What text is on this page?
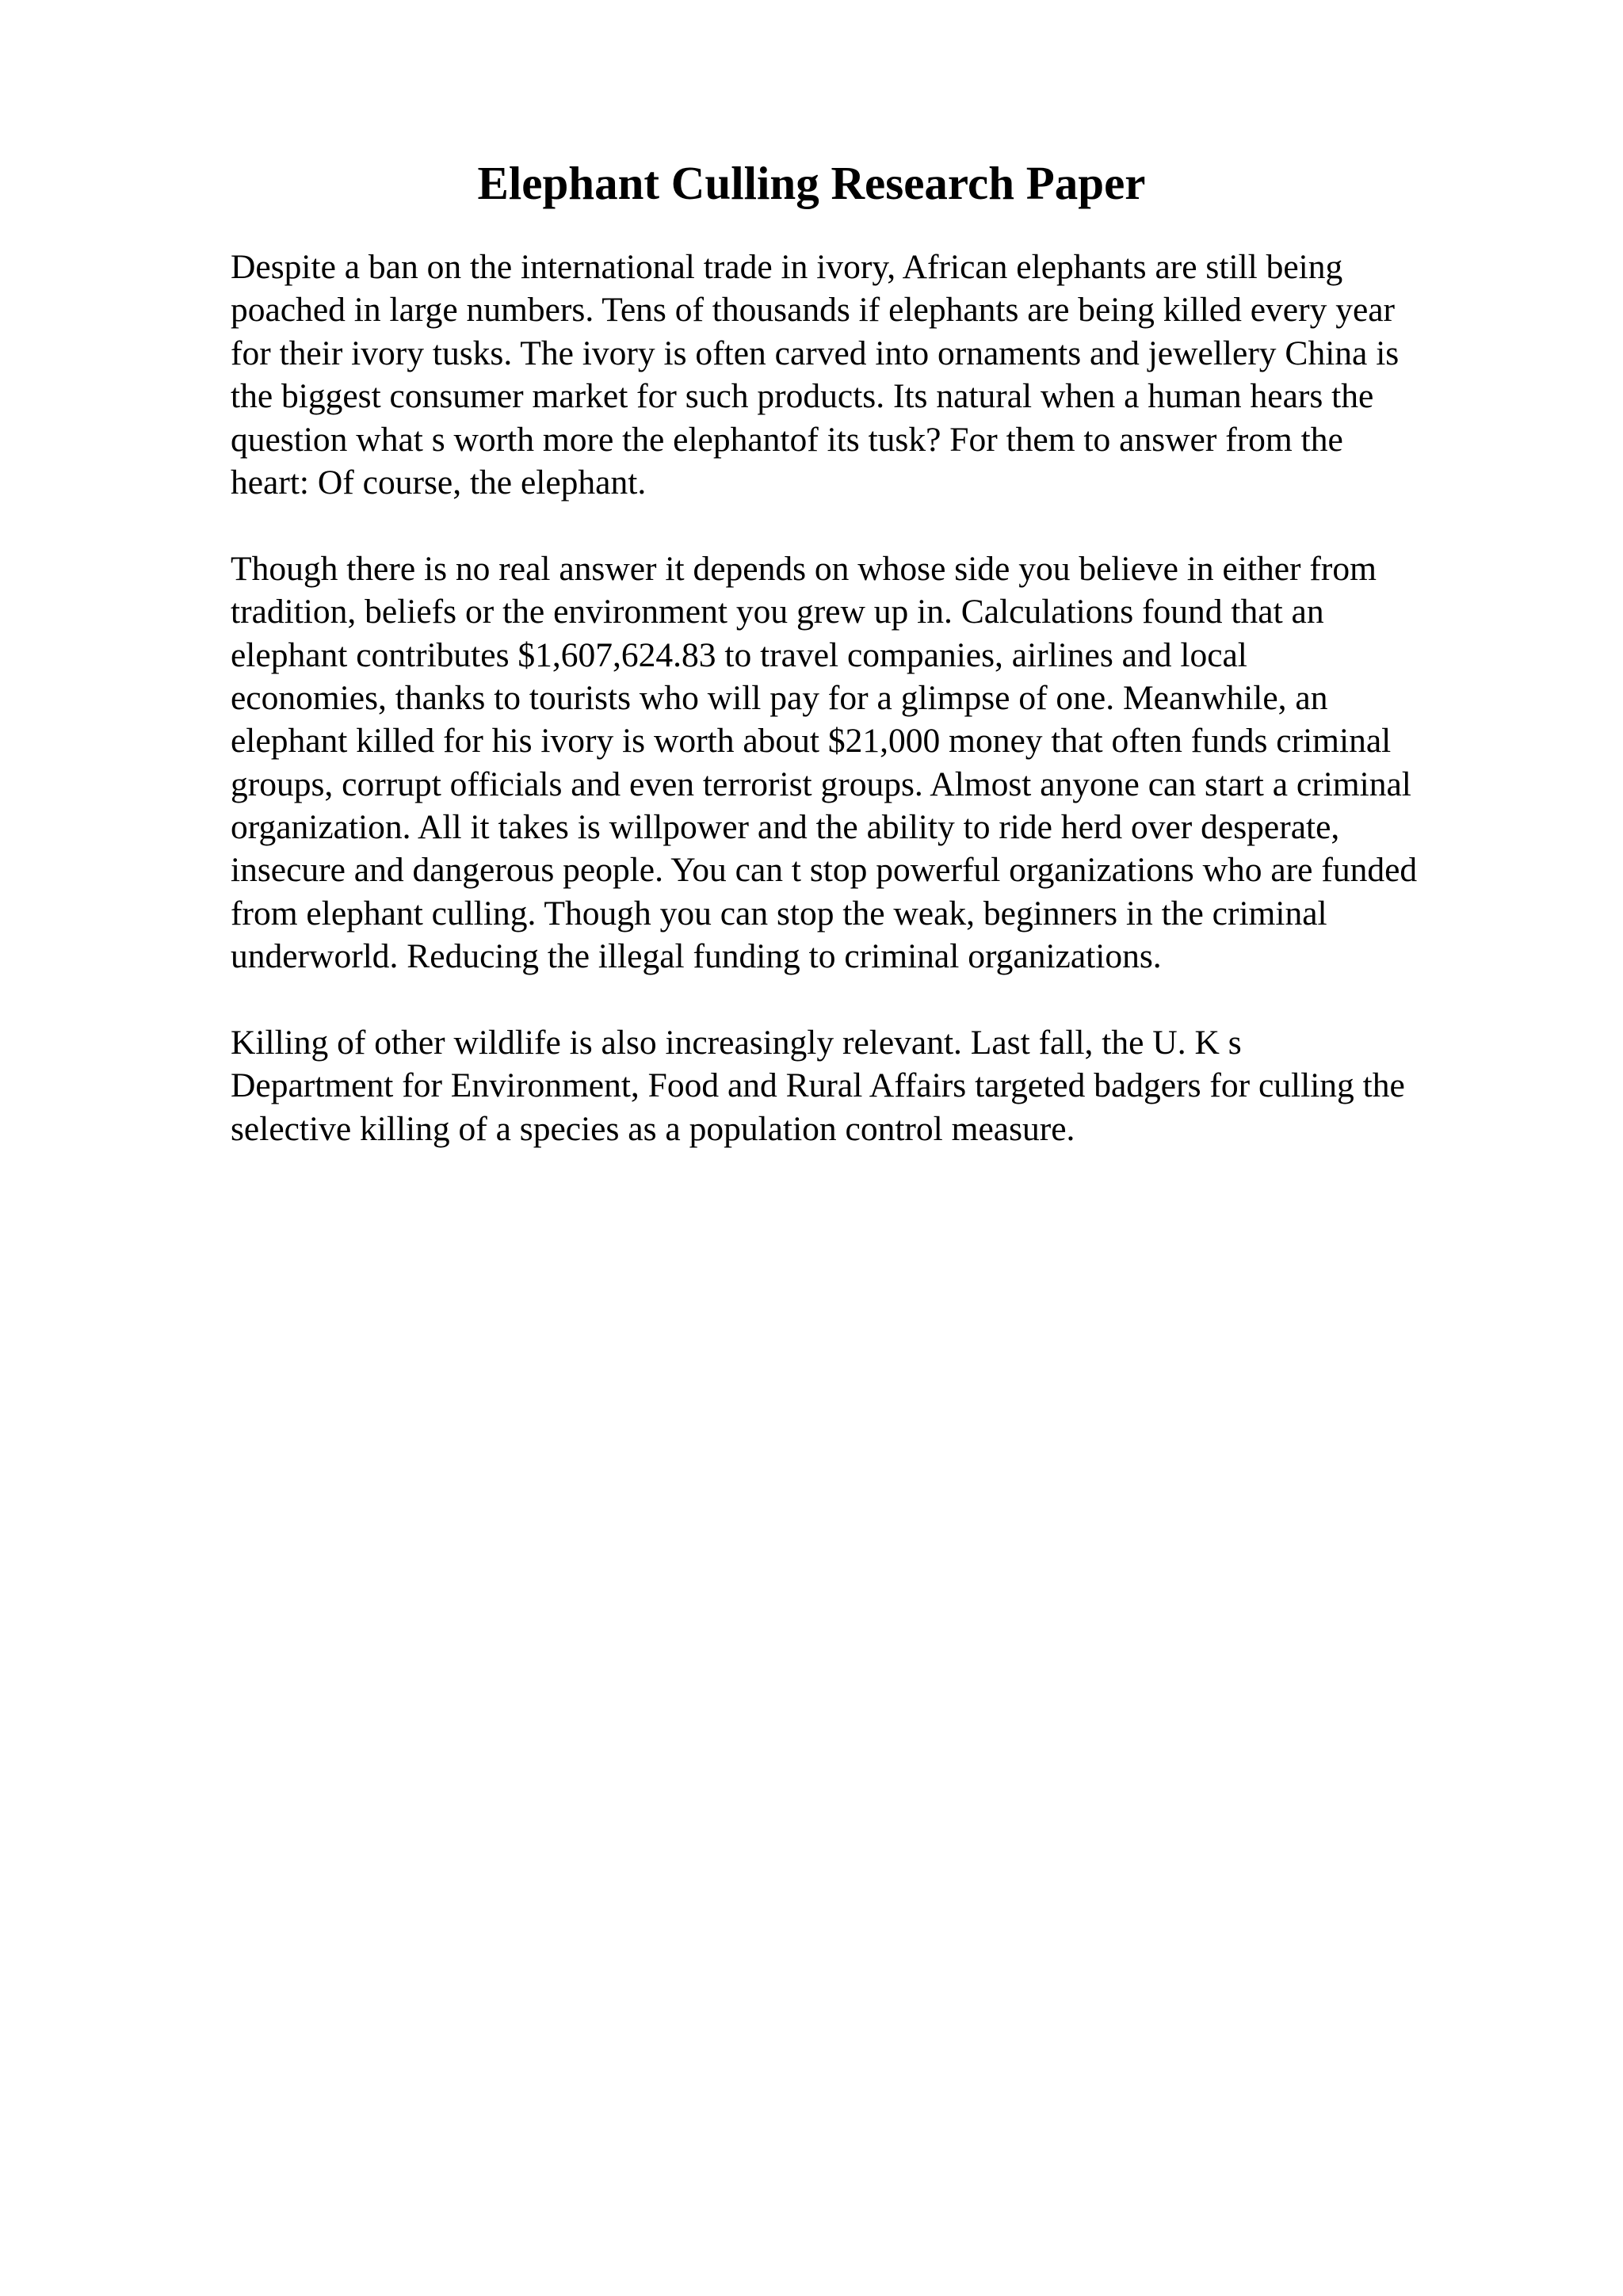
Elephant Culling Research Paper
Despite a ban on the international trade in ivory, African elephants are still being
poached in large numbers. Tens of thousands if elephants are being killed every year
for their ivory tusks. The ivory is often carved into ornaments and jewellery China is
the biggest consumer market for such products. Its natural when a human hears the
question what s worth more the elephantof its tusk? For them to answer from the
heart: Of course, the elephant.
Though there is no real answer it depends on whose side you believe in either from
tradition, beliefs or the environment you grew up in. Calculations found that an
elephant contributes $1,607,624.83 to travel companies, airlines and local
economies, thanks to tourists who will pay for a glimpse of one. Meanwhile, an
elephant killed for his ivory is worth about $21,000 money that often funds criminal
groups, corrupt officials and even terrorist groups. Almost anyone can start a criminal
organization. All it takes is willpower and the ability to ride herd over desperate,
insecure and dangerous people. You can t stop powerful organizations who are funded
from elephant culling. Though you can stop the weak, beginners in the criminal
underworld. Reducing the illegal funding to criminal organizations.
Killing of other wildlife is also increasingly relevant. Last fall, the U. K s
Department for Environment, Food and Rural Affairs targeted badgers for culling the
selective killing of a species as a population control measure.
